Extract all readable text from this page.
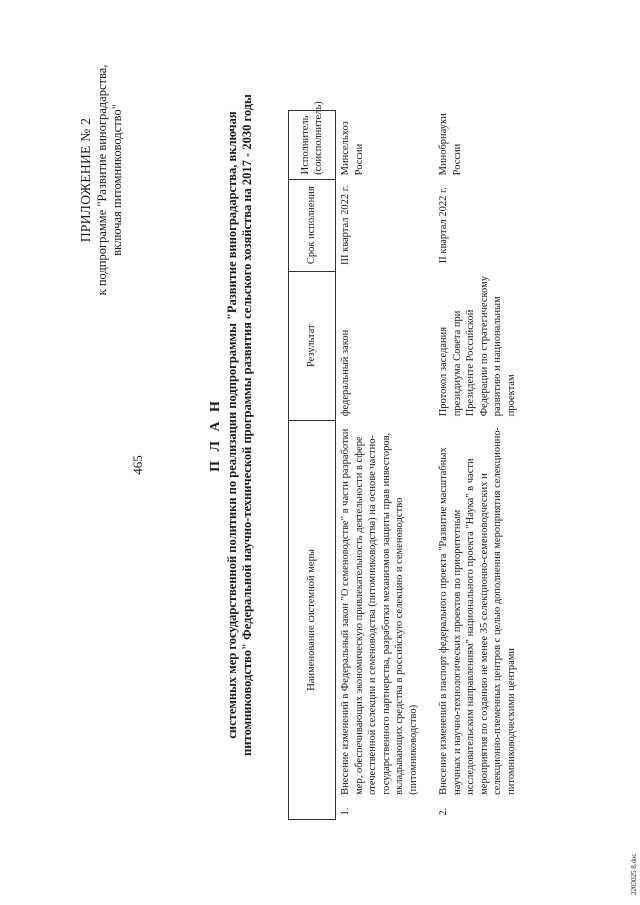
465
ПРИЛОЖЕНИЕ № 2 к подпрограмме "Развитие виноградарства, включая питомниководство"
П Л А Н системных мер государственной политики по реализации подпрограммы "Развитие виноградарства, включая питомниководство" Федеральной научно-технической программы развития сельского хозяйства на 2017 - 2030 годы	Наименование системной меры		Результат	Срок исполнения	Исполнитель (соисполнитель)
1.	Внесение изменений в Федеральный закон "О семеноводстве" в части разработки мер, обеспечивающих экономическую привлекательность деятельности в сфере отечественной селекции и семеноводства (питомниководства) на основе частно-государственного партнерства, разработки механизмов защиты прав инвесторов, вкладывающих средства в российскую селекцию и семеноводство (питомниководство)	федеральный закон	III квартал 2022 г.	Минсельхоз России
2.	Внесение изменений в паспорт федерального проекта "Развитие масштабных научных и научно-технологических проектов по приоритетным исследовательским направлениям" национального проекта "Наука" в части мероприятия по созданию не менее 35 селекционно-семеноводческих и селекционно-племенных центров с целью дополнения мероприятия селекционно-питомниководческими центрами	Протокол заседания президиума Совета при Президенте Российской Федерации по стратегическому развитию и национальным проектам	II квартал 2022 г.	Минобрнауки России
2203025 8.doc
